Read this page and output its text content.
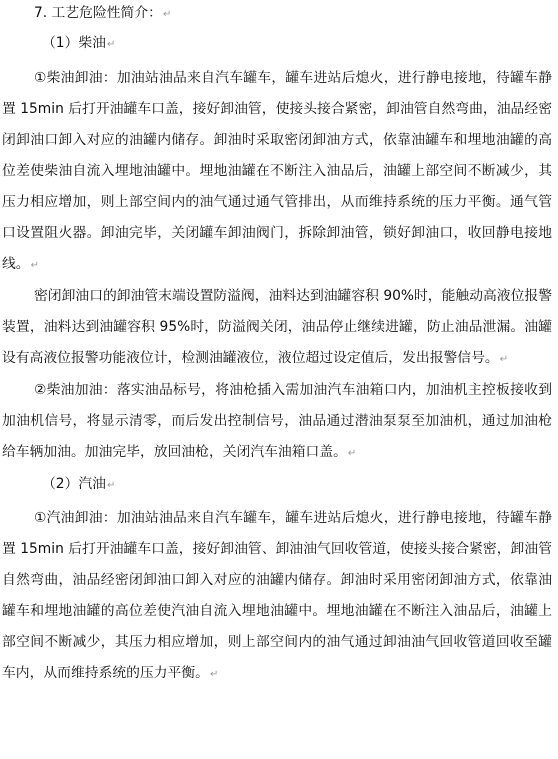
7. 工艺危险性简介：↵
（1）柴油↵

①柴油卸油：加油站油品来自汽车罐车，罐车进站后熄火，进行静电接地，待罐车静置 15min 后打开油罐车口盖，接好卸油管，使接头接合紧密，卸油管自然弯曲，油品经密闭卸油口卸入对应的油罐内储存。卸油时采取密闭卸油方式，依靠油罐车和埋地油罐的高位差使柴油自流入埋地油罐中。埋地油罐在不断注入油品后，油罐上部空间不断减少，其压力相应增加，则上部空间内的油气通过通气管排出，从而维持系统的压力平衡。通气管口设置阻火器。卸油完毕，关闭罐车卸油阀门，拆除卸油管，锁好卸油口，收回静电接地线。↵

密闭卸油口的卸油管末端设置防溢阀，油料达到油罐容积 90%时，能触动高液位报警装置，油料达到油罐容积 95%时，防溢阀关闭，油品停止继续进罐，防止油品泄漏。油罐设有高液位报警功能液位计，检测油罐液位，液位超过设定值后，发出报警信号。↵

②柴油加油：落实油品标号，将油枪插入需加油汽车油箱口内，加油机主控板接收到加油机信号，将显示清零，而后发出控制信号，油品通过潜油泵泵至加油机，通过加油枪给车辆加油。加油完毕，放回油枪，关闭汽车油箱口盖。↵

（2）汽油↵

①汽油卸油：加油站油品来自汽车罐车，罐车进站后熄火，进行静电接地，待罐车静置 15min 后打开油罐车口盖，接好卸油管、卸油油气回收管道，使接头接合紧密，卸油管自然弯曲，油品经密闭卸油口卸入对应的油罐内储存。卸油时采用密闭卸油方式，依靠油罐车和埋地油罐的高位差使汽油自流入埋地油罐中。埋地油罐在不断注入油品后，油罐上部空间不断减少，其压力相应增加，则上部空间内的油气通过卸油油气回收管道回收至罐车内，从而维持系统的压力平衡。↵
